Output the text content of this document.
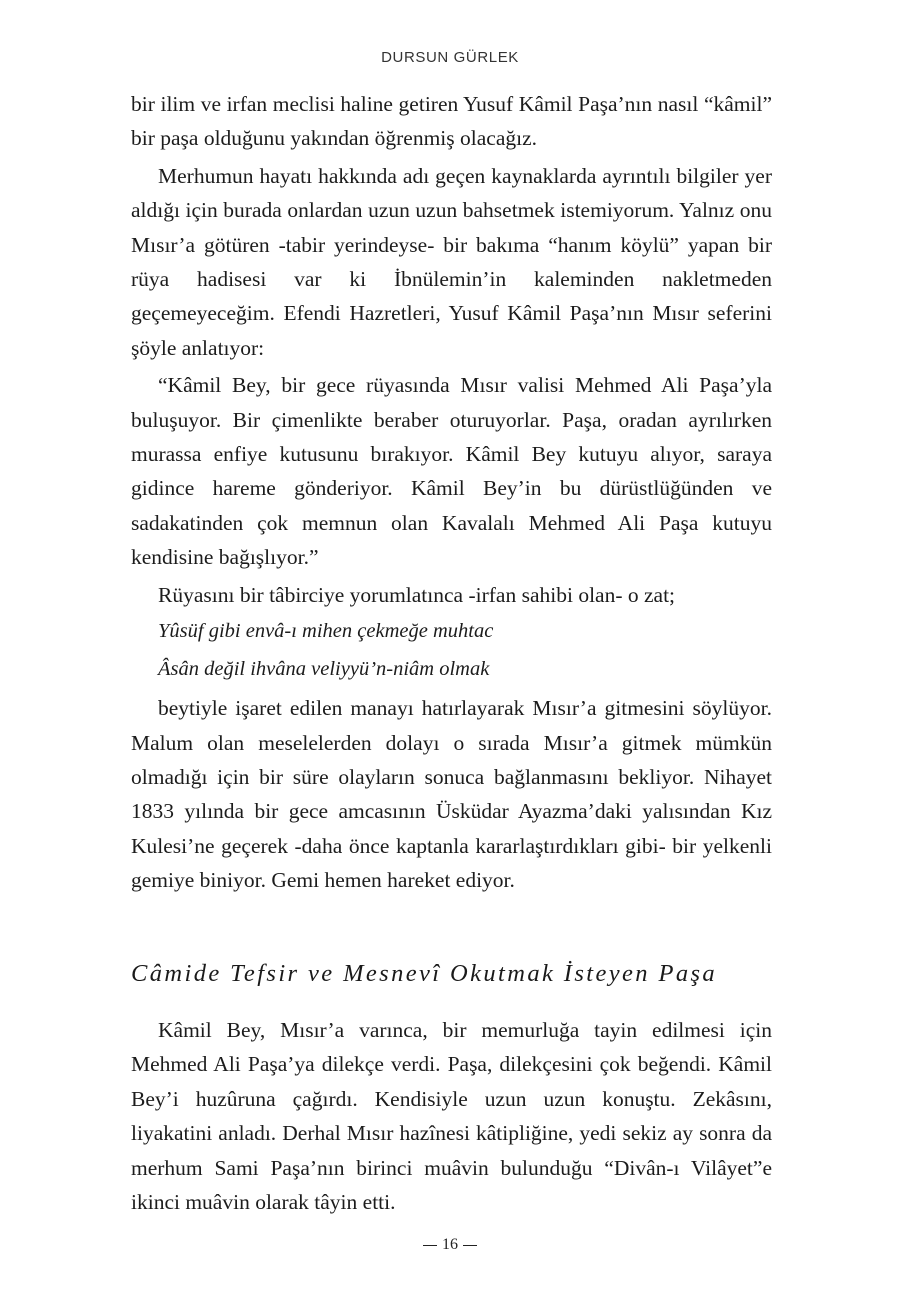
DURSUN GÜRLEK

bir ilim ve irfan meclisi haline getiren Yusuf Kâmil Paşa’nın nasıl “kâmil” bir paşa olduğunu yakından öğrenmiş olacağız.

Merhumun hayatı hakkında adı geçen kaynaklarda ayrıntılı bilgiler yer aldığı için burada onlardan uzun uzun bahsetmek istemiyorum. Yalnız onu Mısır’a götüren -tabir yerindeyse- bir bakıma “hanım köylü” yapan bir rüya hadisesi var ki İbnülemin’in kaleminden nakletmeden geçemeyeceğim. Efendi Hazretleri, Yusuf Kâmil Paşa’nın Mısır seferini şöyle anlatıyor:

“Kâmil Bey, bir gece rüyasında Mısır valisi Mehmed Ali Paşa’yla buluşuyor. Bir çimenlikte beraber oturuyorlar. Paşa, oradan ayrılırken murassa enfiye kutusunu bırakıyor. Kâmil Bey kutuyu alıyor, saraya gidince hareme gönderiyor. Kâmil Bey’in bu dürüstlüğünden ve sadakatinden çok memnun olan Kavalalı Mehmed Ali Paşa kutuyu kendisine bağışlıyor.”

Rüyasını bir tâbirciye yorumlatınca -irfan sahibi olan- o zat;

Yûsüf gibi envâ-ı mihen çekmeğe muhtac

Âsân değil ihvâna veliyyü’n-niâm olmak

beytiyle işaret edilen manayı hatırlayarak Mısır’a gitmesini söylüyor. Malum olan meselelerden dolayı o sırada Mısır’a gitmek mümkün olmadığı için bir süre olayların sonuca bağlanmasını bekliyor. Nihayet 1833 yılında bir gece amcasının Üsküdar Ayazma’daki yalısından Kız Kulesi’ne geçerek -daha önce kaptanla kararlaştırdıkları gibi- bir yelkenli gemiye biniyor. Gemi hemen hareket ediyor.

Câmide Tefsir ve Mesnevî Okutmak İsteyen Paşa

Kâmil Bey, Mısır’a varınca, bir memurluğa tayin edilmesi için Mehmed Ali Paşa’ya dilekçe verdi. Paşa, dilekçesini çok beğendi. Kâmil Bey’i huzûruna çağırdı. Kendisiyle uzun uzun konuştu. Zekâsını, liyakatini anladı. Derhal Mısır hazînesi kâtipliğine, yedi sekiz ay sonra da merhum Sami Paşa’nın birinci muâvin bulunduğu “Divân-ı Vilâyet”e ikinci muâvin olarak tâyin etti.

16
